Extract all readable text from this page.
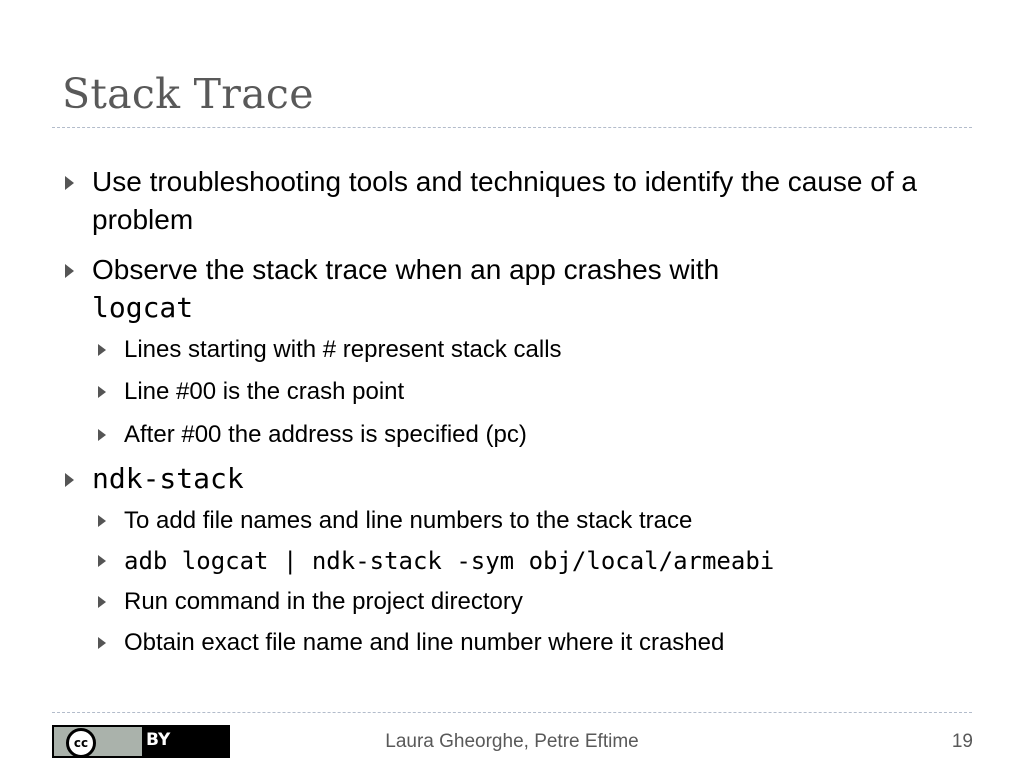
Stack Trace
Use troubleshooting tools and techniques to identify the cause of a problem
Observe the stack trace when an app crashes with
logcat
Lines starting with # represent stack calls
Line #00 is the crash point
After #00 the address is specified (pc)
ndk-stack
To add file names and line numbers to the stack trace
adb logcat | ndk-stack -sym obj/local/armeabi
Run command in the project directory
Obtain exact file name and line number where it crashed
cc	BY	Laura Gheorghe, Petre Eftime	19
